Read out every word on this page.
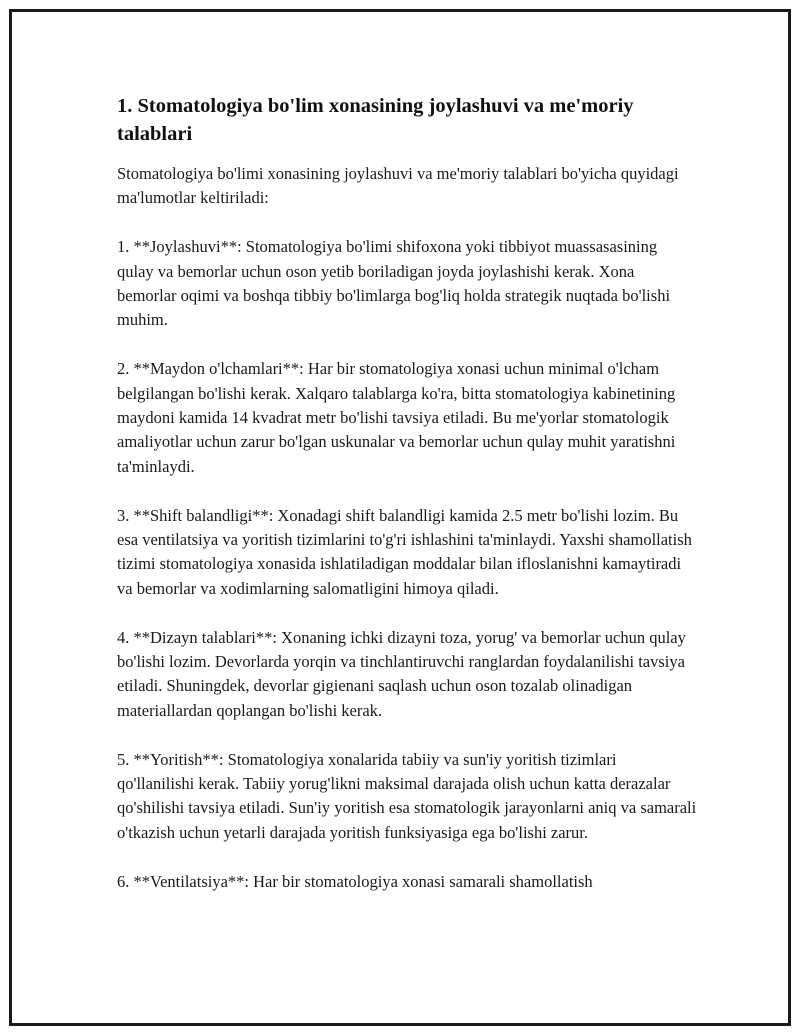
1. Stomatologiya bo'lim xonasining joylashuvi va me'moriy talablari

Stomatologiya bo'limi xonasining joylashuvi va me'moriy talablari bo'yicha quyidagi ma'lumotlar keltiriladi:

1. **Joylashuvi**: Stomatologiya bo'limi shifoxona yoki tibbiyot muassasasining qulay va bemorlar uchun oson yetib boriladigan joyda joylashishi kerak. Xona bemorlar oqimi va boshqa tibbiy bo'limlarga bog'liq holda strategik nuqtada bo'lishi muhim.

2. **Maydon o'lchamlari**: Har bir stomatologiya xonasi uchun minimal o'lcham belgilangan bo'lishi kerak. Xalqaro talablarga ko'ra, bitta stomatologiya kabinetining maydoni kamida 14 kvadrat metr bo'lishi tavsiya etiladi. Bu me'yorlar stomatologik amaliyotlar uchun zarur bo'lgan uskunalar va bemorlar uchun qulay muhit yaratishni ta'minlaydi.

3. **Shift balandligi**: Xonadagi shift balandligi kamida 2.5 metr bo'lishi lozim. Bu esa ventilatsiya va yoritish tizimlarini to'g'ri ishlashini ta'minlaydi. Yaxshi shamollatish tizimi stomatologiya xonasida ishlatiladigan moddalar bilan ifloslanishni kamaytiradi va bemorlar va xodimlarning salomatligini himoya qiladi.

4. **Dizayn talablari**: Xonaning ichki dizayni toza, yorug' va bemorlar uchun qulay bo'lishi lozim. Devorlarda yorqin va tinchlantiruvchi ranglardan foydalanilishi tavsiya etiladi. Shuningdek, devorlar gigienani saqlash uchun oson tozalab olinadigan materiallardan qoplangan bo'lishi kerak.

5. **Yoritish**: Stomatologiya xonalarida tabiiy va sun'iy yoritish tizimlari qo'llanilishi kerak. Tabiiy yorug'likni maksimal darajada olish uchun katta derazalar qo'shilishi tavsiya etiladi. Sun'iy yoritish esa stomatologik jarayonlarni aniq va samarali o'tkazish uchun yetarli darajada yoritish funksiyasiga ega bo'lishi zarur.

6. **Ventilatsiya**: Har bir stomatologiya xonasi samarali shamollatish
